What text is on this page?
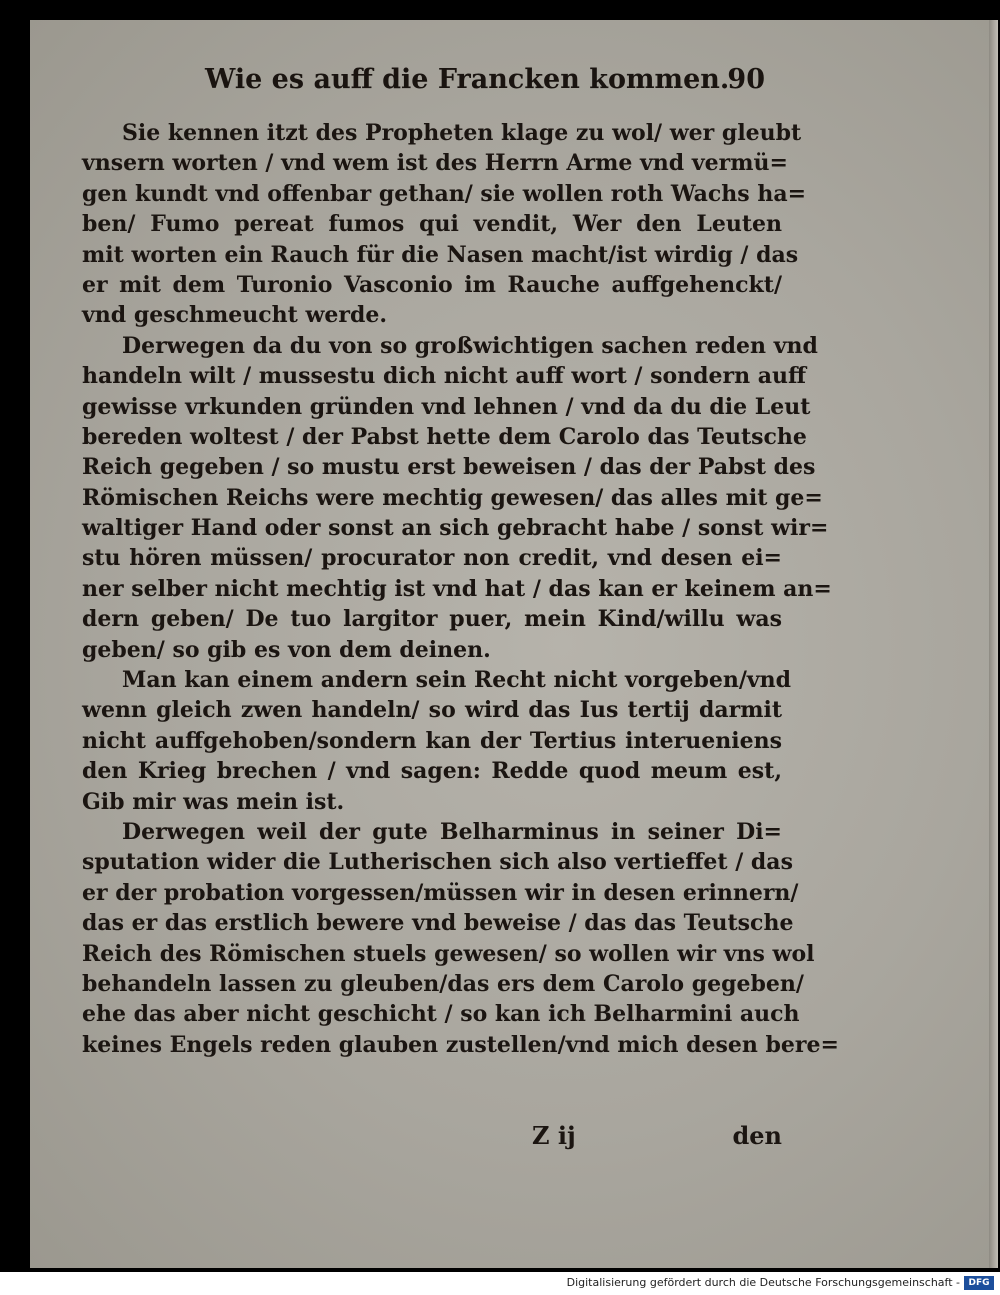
Wie es auff die Francken kommen.
90
Sie kennen itzt des Propheten klage zu wol/ wer gleubt
vnsern worten / vnd wem ist des Herrn Arme vnd vermü=
gen kundt vnd offenbar gethan/ sie wollen roth Wachs ha=
ben/ Fumo pereat fumos qui vendit, Wer den Leuten
mit worten ein Rauch für die Nasen macht/ist wirdig / das
er mit dem Turonio Vasconio im Rauche auffgehenckt/
vnd geschmeucht werde.
Derwegen da du von so großwichtigen sachen reden vnd
handeln wilt / mussestu dich nicht auff wort / sondern auff
gewisse vrkunden gründen vnd lehnen / vnd da du die Leut
bereden woltest / der Pabst hette dem Carolo das Teutsche
Reich gegeben / so mustu erst beweisen / das der Pabst des
Römischen Reichs were mechtig gewesen/ das alles mit ge=
waltiger Hand oder sonst an sich gebracht habe / sonst wir=
stu hören müssen/ procurator non credit, vnd desen ei=
ner selber nicht mechtig ist vnd hat / das kan er keinem an=
dern geben/ De tuo largitor puer, mein Kind/willu was
geben/ so gib es von dem deinen.
Man kan einem andern sein Recht nicht vorgeben/vnd
wenn gleich zwen handeln/ so wird das Ius tertij darmit
nicht auffgehoben/sondern kan der Tertius interueniens
den Krieg brechen / vnd sagen: Redde quod meum est,
Gib mir was mein ist.
Derwegen weil der gute Belharminus in seiner Di=
sputation wider die Lutherischen sich also vertieffet / das
er der probation vorgessen/müssen wir in desen erinnern/
das er das erstlich bewere vnd beweise / das das Teutsche
Reich des Römischen stuels gewesen/ so wollen wir vns wol
behandeln lassen zu gleuben/das ers dem Carolo gegeben/
ehe das aber nicht geschicht / so kan ich Belharmini auch
keines Engels reden glauben zustellen/vnd mich desen bere=
Z ij	den
Digitalisierung gefördert durch die Deutsche Forschungsgemeinschaft - DFG
